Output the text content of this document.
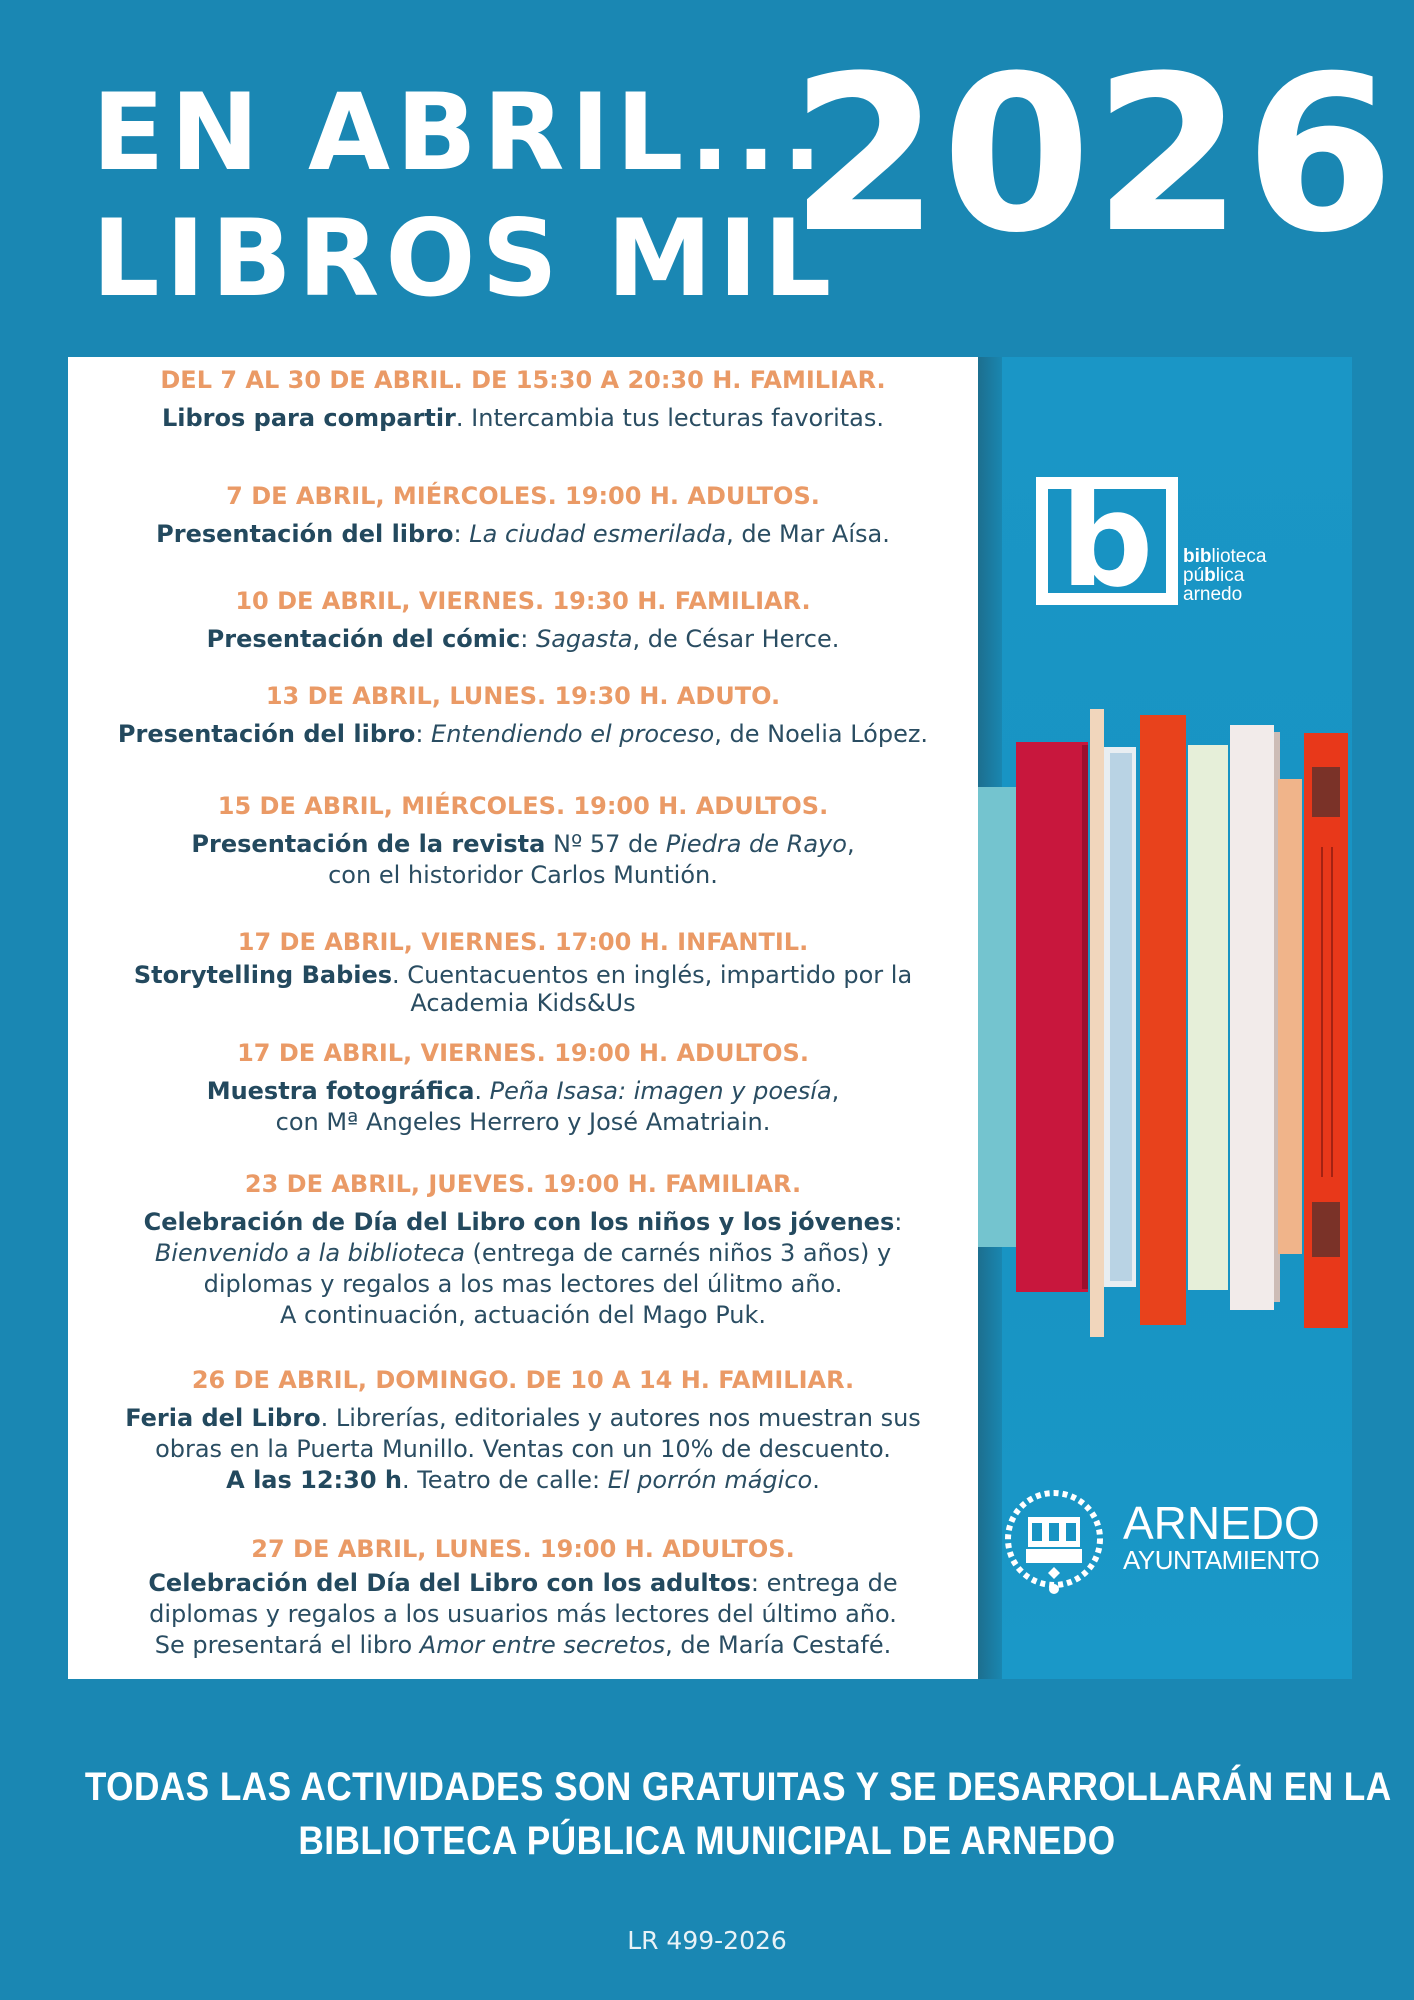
EN ABRIL...
LIBROS MIL
2026
DEL 7 AL 30 DE ABRIL. DE 15:30 A 20:30 H. FAMILIAR.
Libros para compartir. Intercambia tus lecturas favoritas.
7 DE ABRIL, MIÉRCOLES. 19:00 H. ADULTOS.
Presentación del libro: La ciudad esmerilada, de Mar Aísa.
10 DE ABRIL, VIERNES. 19:30 H. FAMILIAR.
Presentación del cómic: Sagasta, de César Herce.
13 DE ABRIL, LUNES. 19:30 H. ADUTO.
Presentación del libro: Entendiendo el proceso, de Noelia López.
15 DE ABRIL, MIÉRCOLES. 19:00 H. ADULTOS.
Presentación de la revista Nº 57 de Piedra de Rayo,
con el historidor Carlos Muntión.
17 DE ABRIL, VIERNES. 17:00 H. INFANTIL.
Storytelling Babies. Cuentacuentos en inglés, impartido por la
Academia Kids&Us
17 DE ABRIL, VIERNES. 19:00 H. ADULTOS.
Muestra fotográfica. Peña Isasa: imagen y poesía,
con Mª Angeles Herrero y José Amatriain.
23 DE ABRIL, JUEVES. 19:00 H. FAMILIAR.
Celebración de Día del Libro con los niños y los jóvenes:
Bienvenido a la biblioteca (entrega de carnés niños 3 años) y
diplomas y regalos a los mas lectores del úlitmo año.
A continuación, actuación del Mago Puk.
26 DE ABRIL, DOMINGO. DE 10 A 14 H. FAMILIAR.
Feria del Libro. Librerías, editoriales y autores nos muestran sus
obras en la Puerta Munillo. Ventas con un 10% de descuento.
A las 12:30 h. Teatro de calle: El porrón mágico.
27 DE ABRIL, LUNES. 19:00 H. ADULTOS.
Celebración del Día del Libro con los adultos: entrega de
diplomas y regalos a los usuarios más lectores del último año.
Se presentará el libro Amor entre secretos, de María Cestafé.
b biblioteca
pública
arnedo
ARNEDO
AYUNTAMIENTO
TODAS LAS ACTIVIDADES SON GRATUITAS Y SE DESARROLLARÁN EN LA
BIBLIOTECA PÚBLICA MUNICIPAL DE ARNEDO
LR 499-2026
